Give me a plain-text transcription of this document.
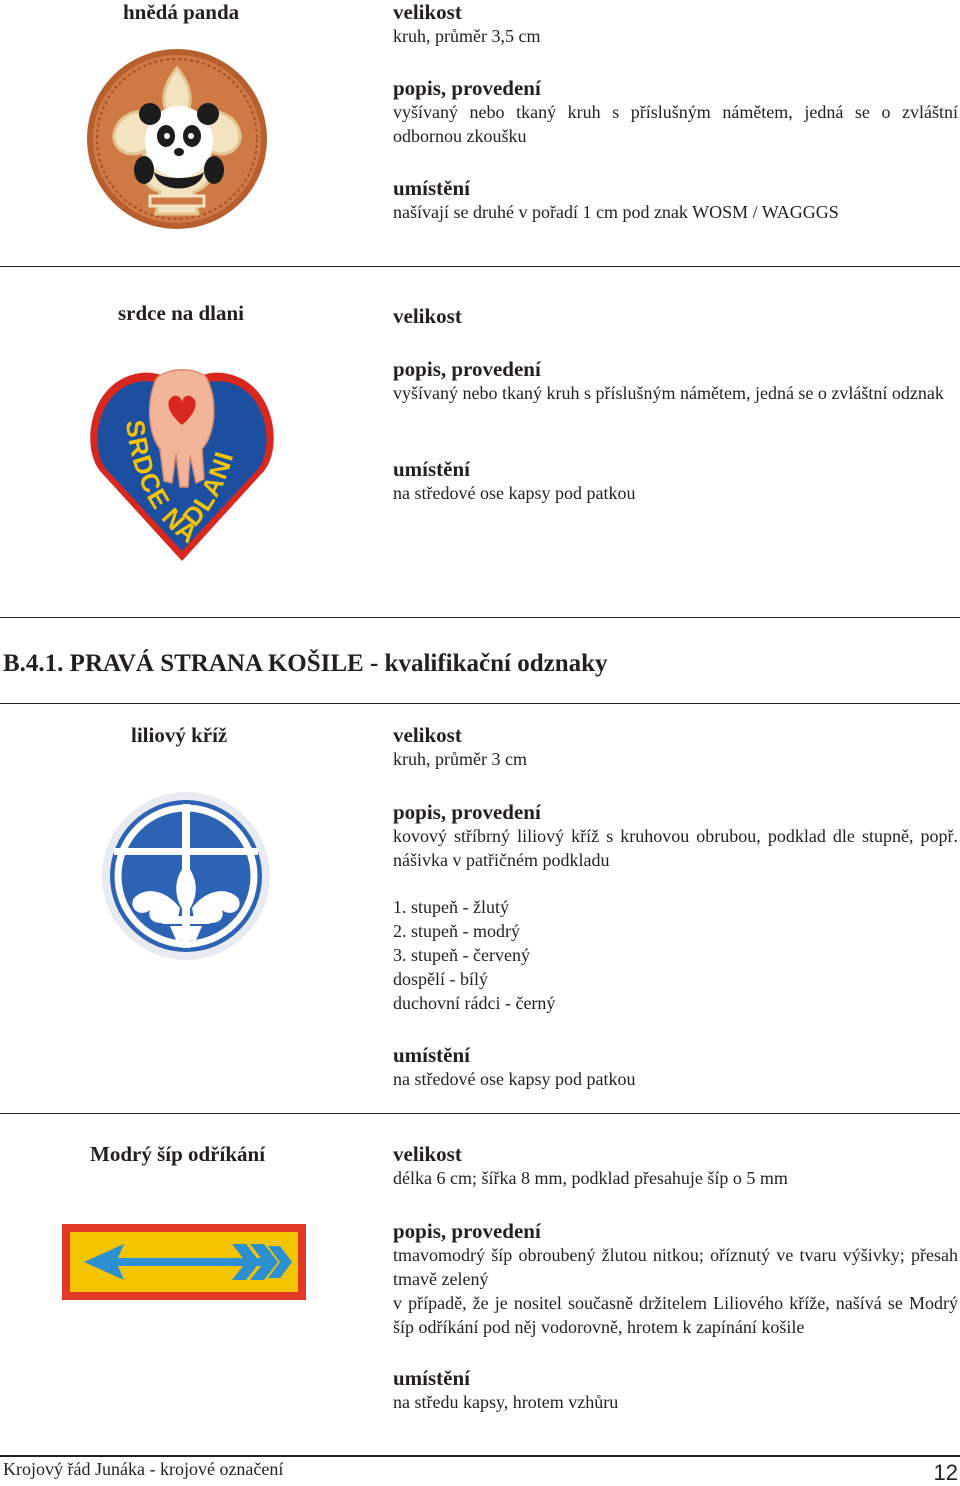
hnědá panda	velikost
kruh, průměr 3,5 cm
popis, provedení
vyšívaný nebo tkaný kruh s příslušným námětem, jedná se o zvláštní odbornou zkoušku
umístění
našívají se druhé v pořadí 1 cm pod znak WOSM / WAGGGS
srdce na dlani	velikost
popis, provedení
vyšívaný nebo tkaný kruh s příslušným námětem, jedná se o zvláštní odznak
umístění
na středové ose kapsy pod patkou
SRDCE NA DLANI
B.4.1. PRAVÁ STRANA KOŠILE - kvalifikační odznaky
liliový kříž	velikost
kruh, průměr 3 cm
popis, provedení
kovový stříbrný liliový kříž s kruhovou obrubou, podklad dle stupně, popř. nášivka v patřičném podkladu
1. stupeň - žlutý
2. stupeň - modrý
3. stupeň - červený
dospělí - bílý
duchovní rádci - černý
umístění
na středové ose kapsy pod patkou
Modrý šíp odříkání	velikost
délka 6 cm; šířka 8 mm, podklad přesahuje šíp o 5 mm
popis, provedení
tmavomodrý šíp obroubený žlutou nitkou; oříznutý ve tvaru výšivky; přesah tmavě zelený
v případě, že je nositel současně držitelem Liliového kříže, našívá se Modrý šíp odříkání pod něj vodorovně, hrotem k zapínání košile
umístění
na středu kapsy, hrotem vzhůru
Krojový řád Junáka - krojové označení	12
